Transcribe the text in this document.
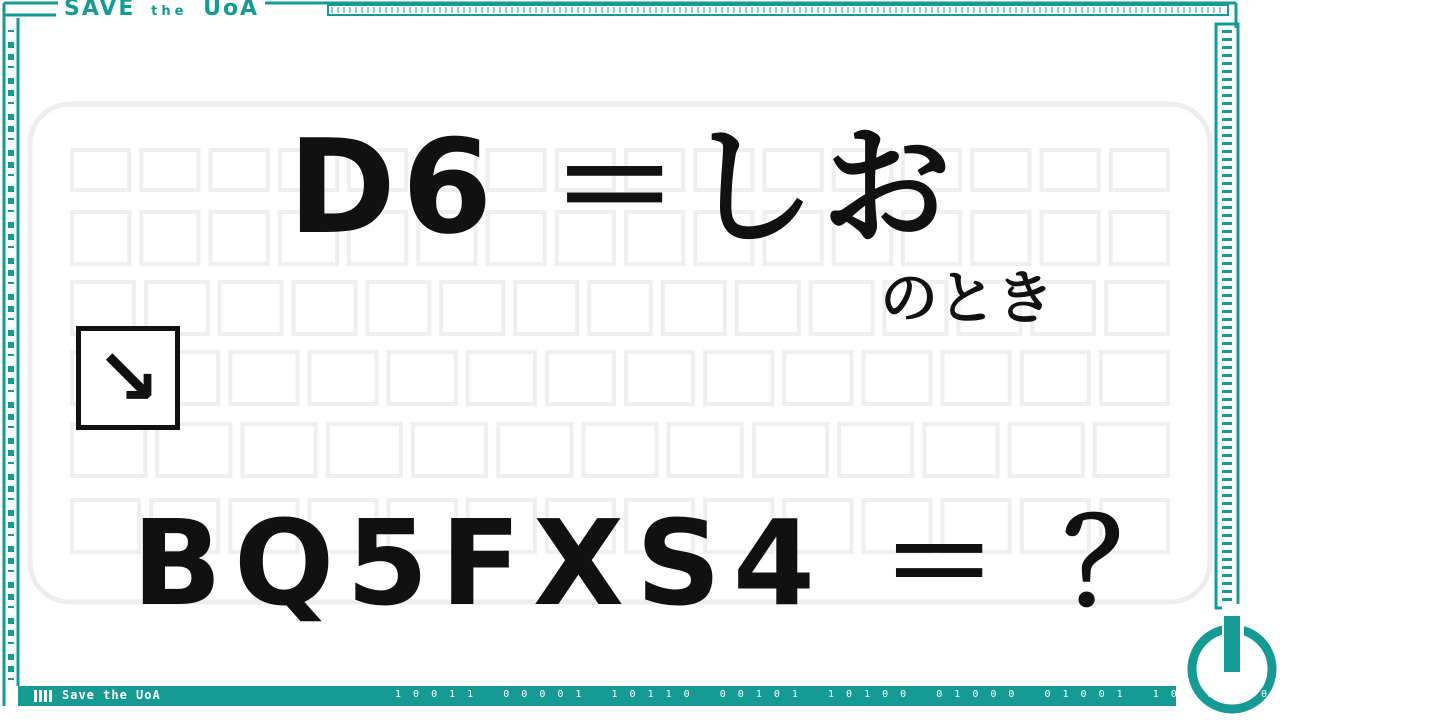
SAVE the UoA
D6 ＝しお
のとき
↘
BQ5FXS4 ＝ ？
Save the UoA	1 0 0 1 1   0 0 0 0 1   1 0 1 1 0   0 0 1 0 1   1 0 1 0 0   0 1 0 0 0   0 1 0 0 1   1 0 1 0 1   0 1 1 1 1   0 0 0 0 1
